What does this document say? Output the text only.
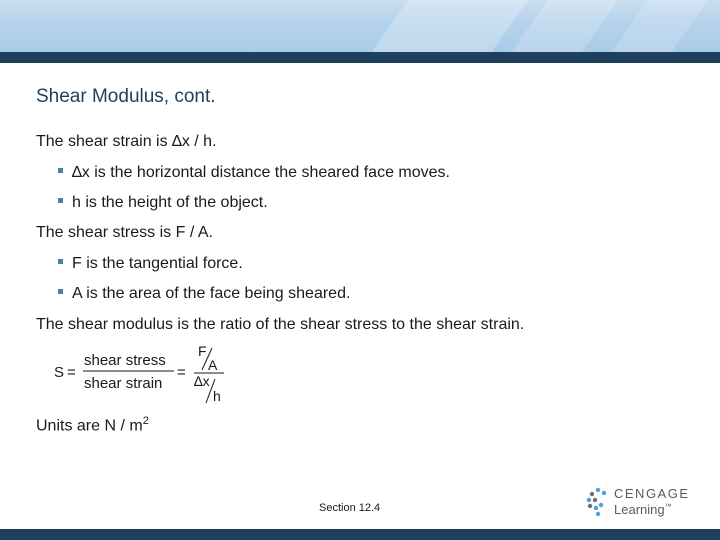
Shear Modulus, cont.
The shear strain is ∆x / h.
∆x is the horizontal distance the sheared face moves.
h is the height of the object.
The shear stress is F / A.
F is the tangential force.
A is the area of the face being sheared.
The shear modulus is the ratio of the shear stress to the shear strain.
S =
shear stress
shear strain
=
F
A
∆x
h
Units are N / $m^2$
Section 12.4
CENGAGE
Learning™
